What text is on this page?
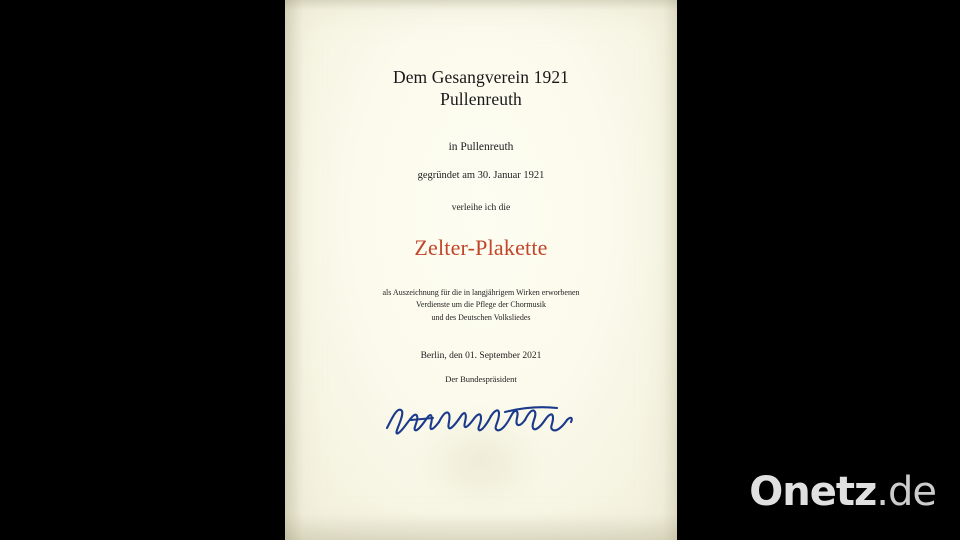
Dem Gesangverein 1921
Pullenreuth
in Pullenreuth
gegründet am 30. Januar 1921
verleihe ich die
Zelter-Plakette
als Auszeichnung für die in langjährigem Wirken erworbenen
Verdienste um die Pflege der Chormusik
und des Deutschen Volksliedes
Berlin, den 01. September 2021
Der Bundespräsident
Onetz.de
